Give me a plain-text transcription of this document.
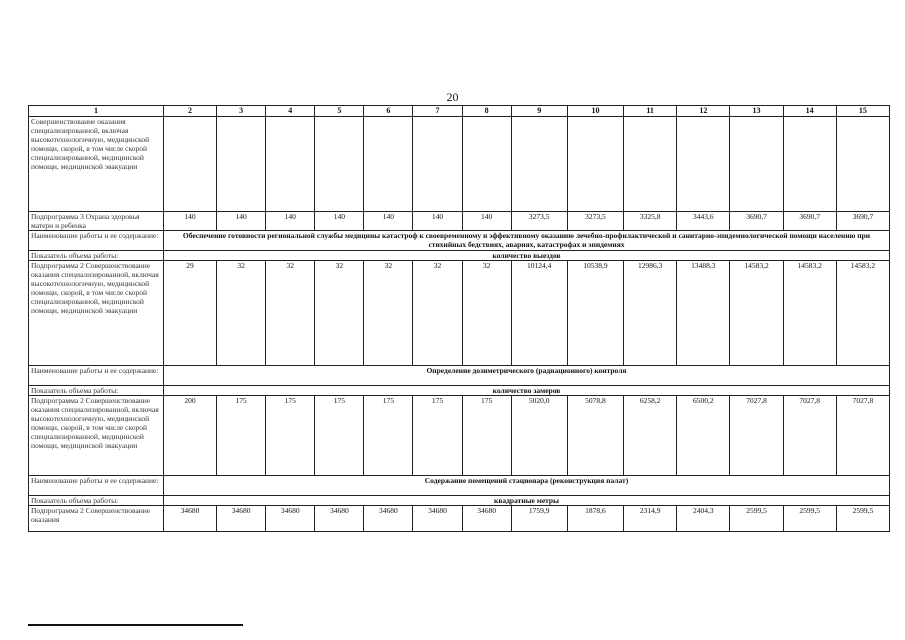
20
1	2	3	4	5	6	7	8	9	10	11	12	13	14	15
Совершенствование оказания специализированной, включая высокотехнологичную, медицинской помощи, скорой, в том числе скорой специализированной, медицинской помощи, медицинской эвакуации														
Подпрограмма 3 Охрана здоровья матери и ребенка	140	140	140	140	140	140	140	3273,5	3273,5	3325,8	3443,6	3690,7	3690,7	3690,7
Наименование работы и ее содержание:	Обеспечение готовности региональной службы медицины катастроф к своевременному и эффективному оказанию лечебно-профилактической и санитарно-эпидемиологической помощи населению при стихийных бедствиях, авариях, катастрофах и эпидемиях													
Показатель объема работы:	количество выездов													
Подпрограмма 2 Совершенствование оказания специализированной, включая высокотехнологичную, медицинской помощи, скорой, в том числе скорой специализированной, медицинской помощи, медицинской эвакуации	29	32	32	32	32	32	32	10124,4	10538,9	12986,3	13488,3	14583,2	14583,2	14583,2
Наименование работы и ее содержание:	Определение дозиметрического (радиационного) контроля													
Показатель объема работы:	количество замеров													
Подпрограмма 2 Совершенствование оказания специализированной, включая высокотехнологичную, медицинской помощи, скорой, в том числе скорой специализированной, медицинской помощи, медицинской эвакуации	200	175	175	175	175	175	175	5020,0	5078,8	6258,2	6500,2	7027,8	7027,8	7027,8
Наименование работы и ее содержание:	Содержание помещений стационара (реконструкция палат)													
Показатель объема работы:	квадратные метры													
Подпрограмма 2 Совершенствование оказания	34680	34680	34680	34680	34680	34680	34680	1759,9	1878,6	2314,9	2404,3	2599,5	2599,5	2599,5
